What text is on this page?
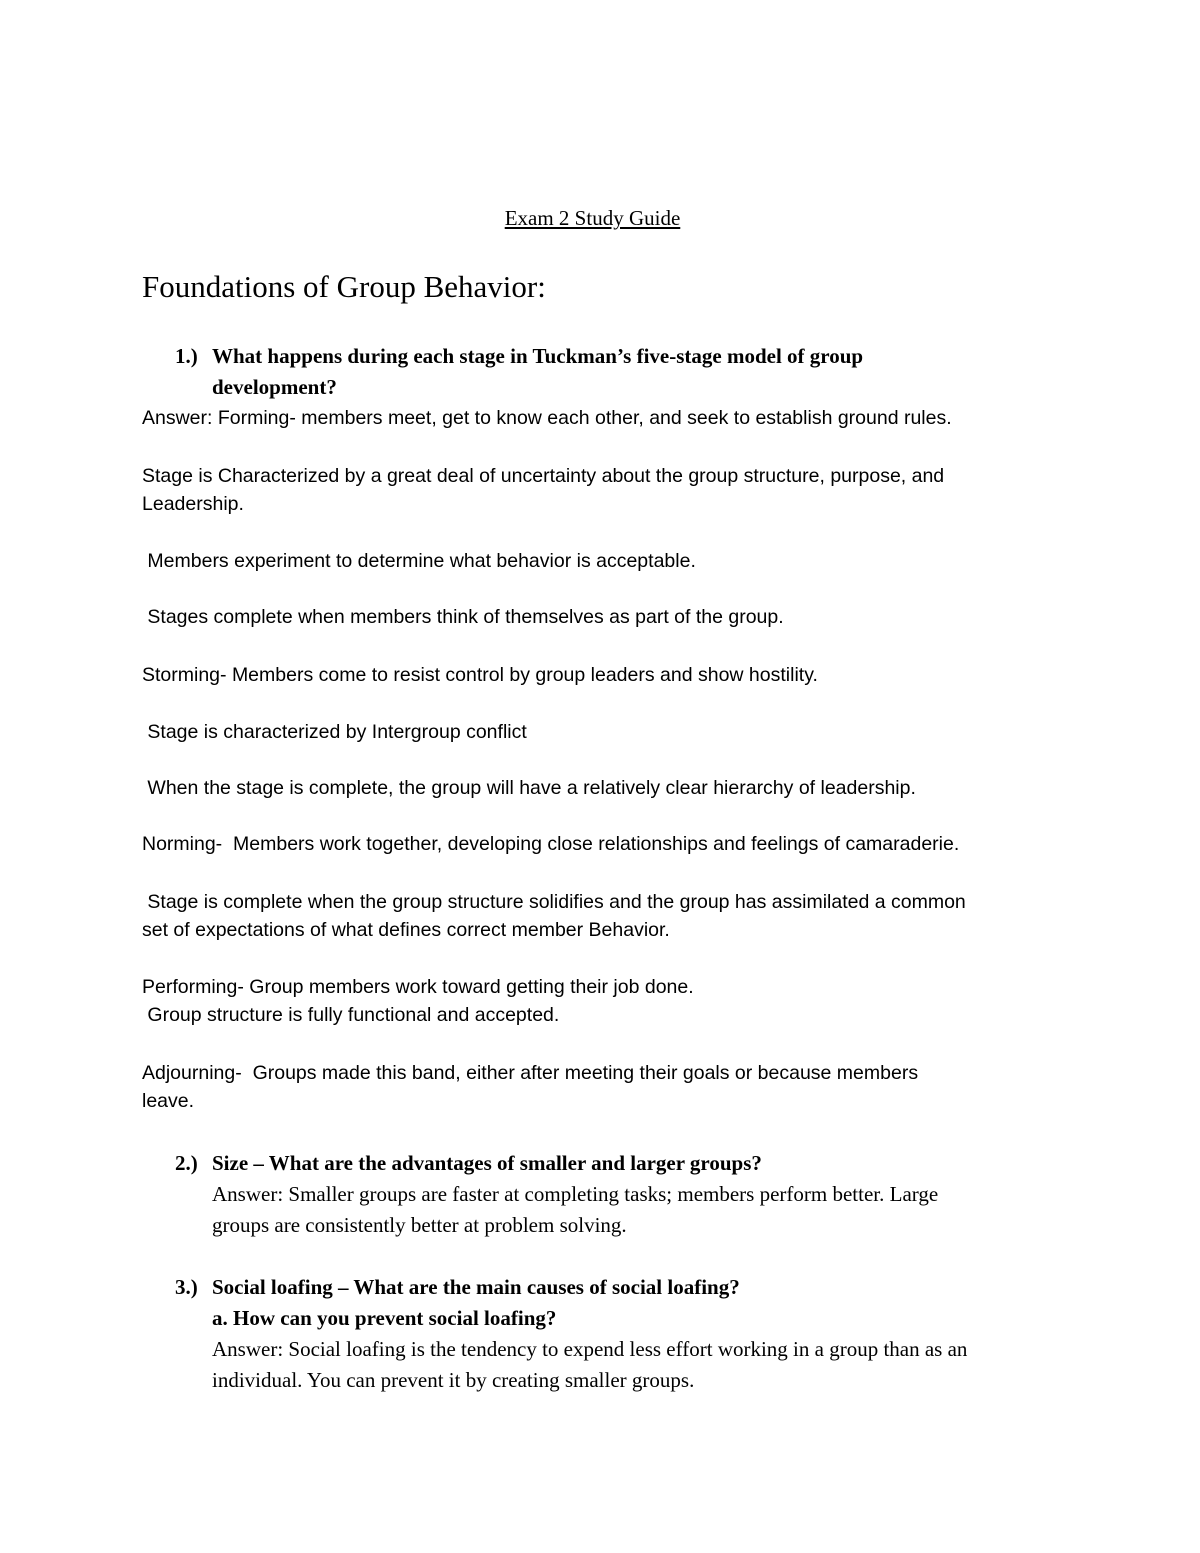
Exam 2 Study Guide
Foundations of Group Behavior:
1.) What happens during each stage in Tuckman’s five-stage model of group
development?
Answer: Forming- members meet, get to know each other, and seek to establish ground rules.
Stage is Characterized by a great deal of uncertainty about the group structure, purpose, and
Leadership.
Members experiment to determine what behavior is acceptable.
Stages complete when members think of themselves as part of the group.
Storming- Members come to resist control by group leaders and show hostility.
Stage is characterized by Intergroup conflict
When the stage is complete, the group will have a relatively clear hierarchy of leadership.
Norming-  Members work together, developing close relationships and feelings of camaraderie.
Stage is complete when the group structure solidifies and the group has assimilated a common
set of expectations of what defines correct member Behavior.
Performing- Group members work toward getting their job done.
Group structure is fully functional and accepted.
Adjourning-  Groups made this band, either after meeting their goals or because members
leave.
2.) Size – What are the advantages of smaller and larger groups?
Answer: Smaller groups are faster at completing tasks; members perform better. Large
groups are consistently better at problem solving.
3.) Social loafing – What are the main causes of social loafing?
a. How can you prevent social loafing?
Answer: Social loafing is the tendency to expend less effort working in a group than as an
individual. You can prevent it by creating smaller groups.
